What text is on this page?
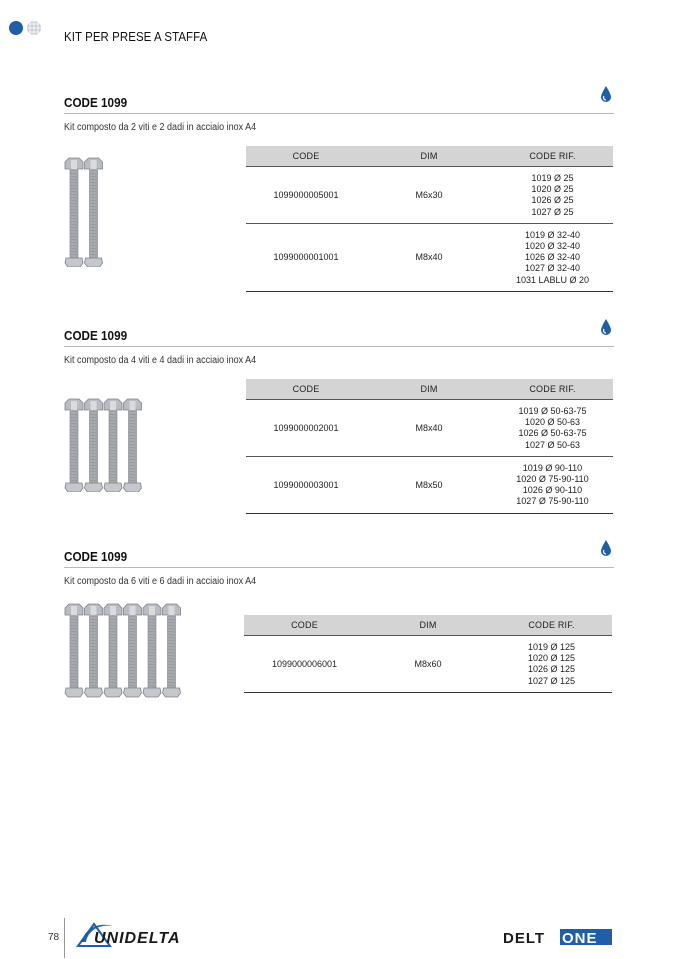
KIT PER PRESE A STAFFA
CODE 1099
Kit composto da 2 viti e 2 dadi in acciaio inox A4
CODE	DIM	CODE RIF.
1099000005001	M6x30	1019 Ø 25
1020 Ø 25
1026 Ø 25
1027 Ø 25

1099000001001	M8x40	1019 Ø 32-40
1020 Ø 32-40
1026 Ø 32-40
1027 Ø 32-40
1031 LABLU Ø 20
CODE 1099
Kit composto da 4 viti e 4 dadi in acciaio inox A4
CODE	DIM	CODE RIF.
1099000002001	M8x40	1019 Ø 50-63-75
1020 Ø 50-63
1026 Ø 50-63-75
1027 Ø 50-63

1099000003001	M8x50	1019 Ø 90-110
1020 Ø 75-90-110
1026 Ø 90-110
1027 Ø 75-90-110
CODE 1099
Kit composto da 6 viti e 6 dadi in acciaio inox A4
CODE	DIM	CODE RIF.
1099000006001	M8x60	1019 Ø 125
1020 Ø 125
1026 Ø 125
1027 Ø 125
78 UNIDELTA	DELT ONE
